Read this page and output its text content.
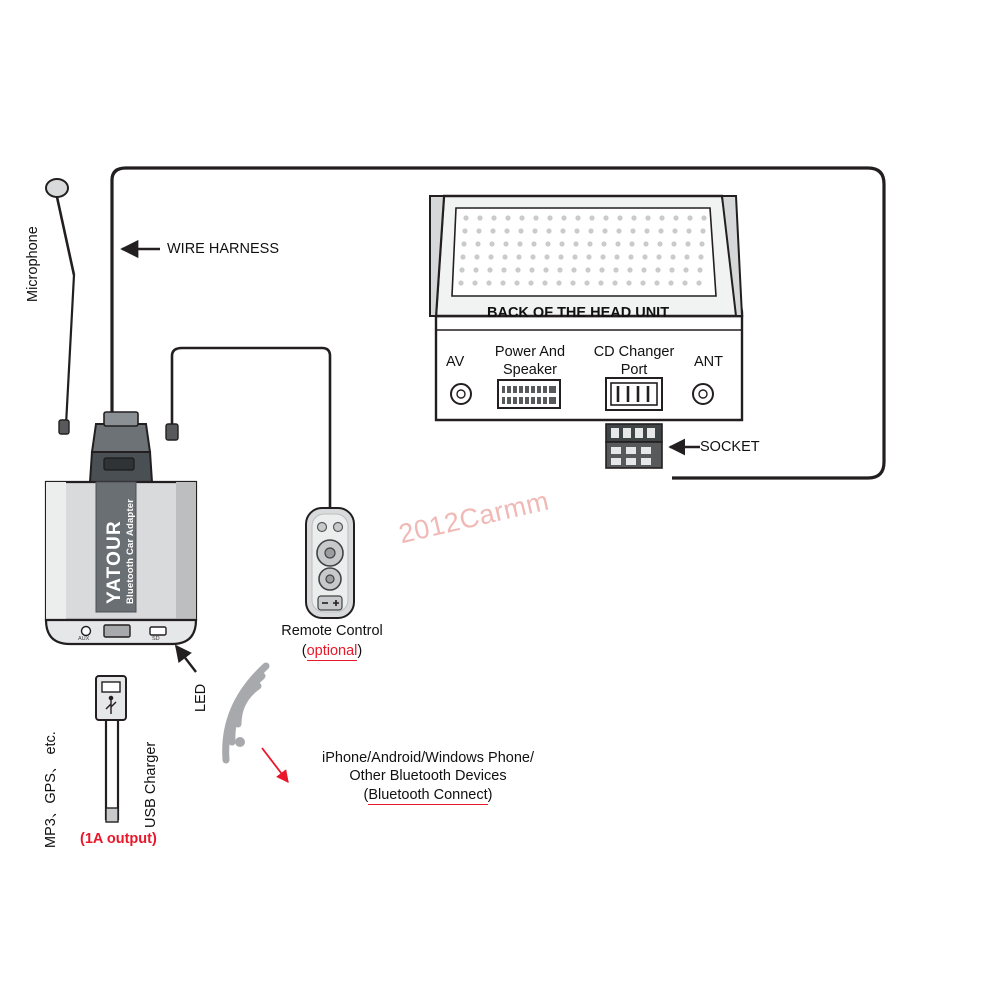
Microphone	WIRE HARNESS
BACK OF THE HEAD UNIT
AV
Power And
Speaker
CD Changer
Port
ANT
SOCKET
2012Carmm
YATOUR Bluetooth Car Adapter
AUX	SD
LED
USB Charger
MP3、GPS、 etc. (1A output)
Remote Control
(optional)
iPhone/Android/Windows Phone/
Other Bluetooth Devices
(Bluetooth Connect)
